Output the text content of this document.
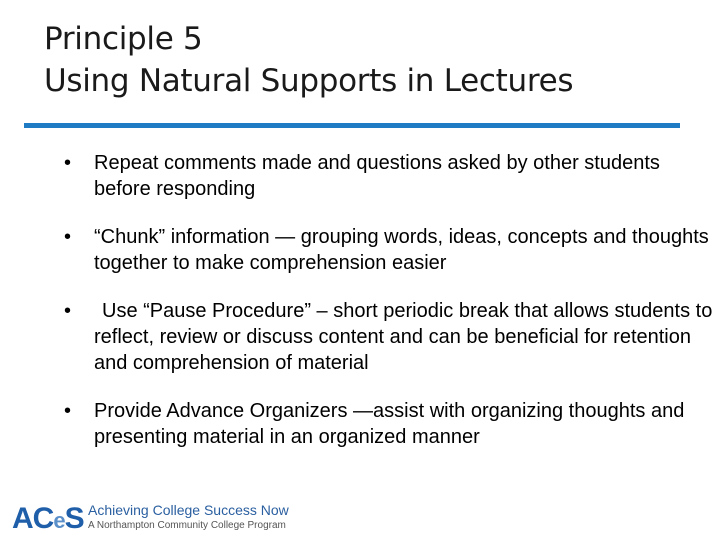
Principle 5
Using Natural Supports in Lectures
•	Repeat comments made and questions asked by other students before responding
•	“Chunk” information — grouping words, ideas, concepts and thoughts together to make comprehension easier
•	Use “Pause Procedure” – short periodic break that allows students to reflect, review or discuss content and can be beneficial for retention and comprehension of material
•	Provide Advance Organizers —assist with organizing thoughts and presenting material in an organized manner
ACeS Achieving College Success Now
A Northampton Community College Program
